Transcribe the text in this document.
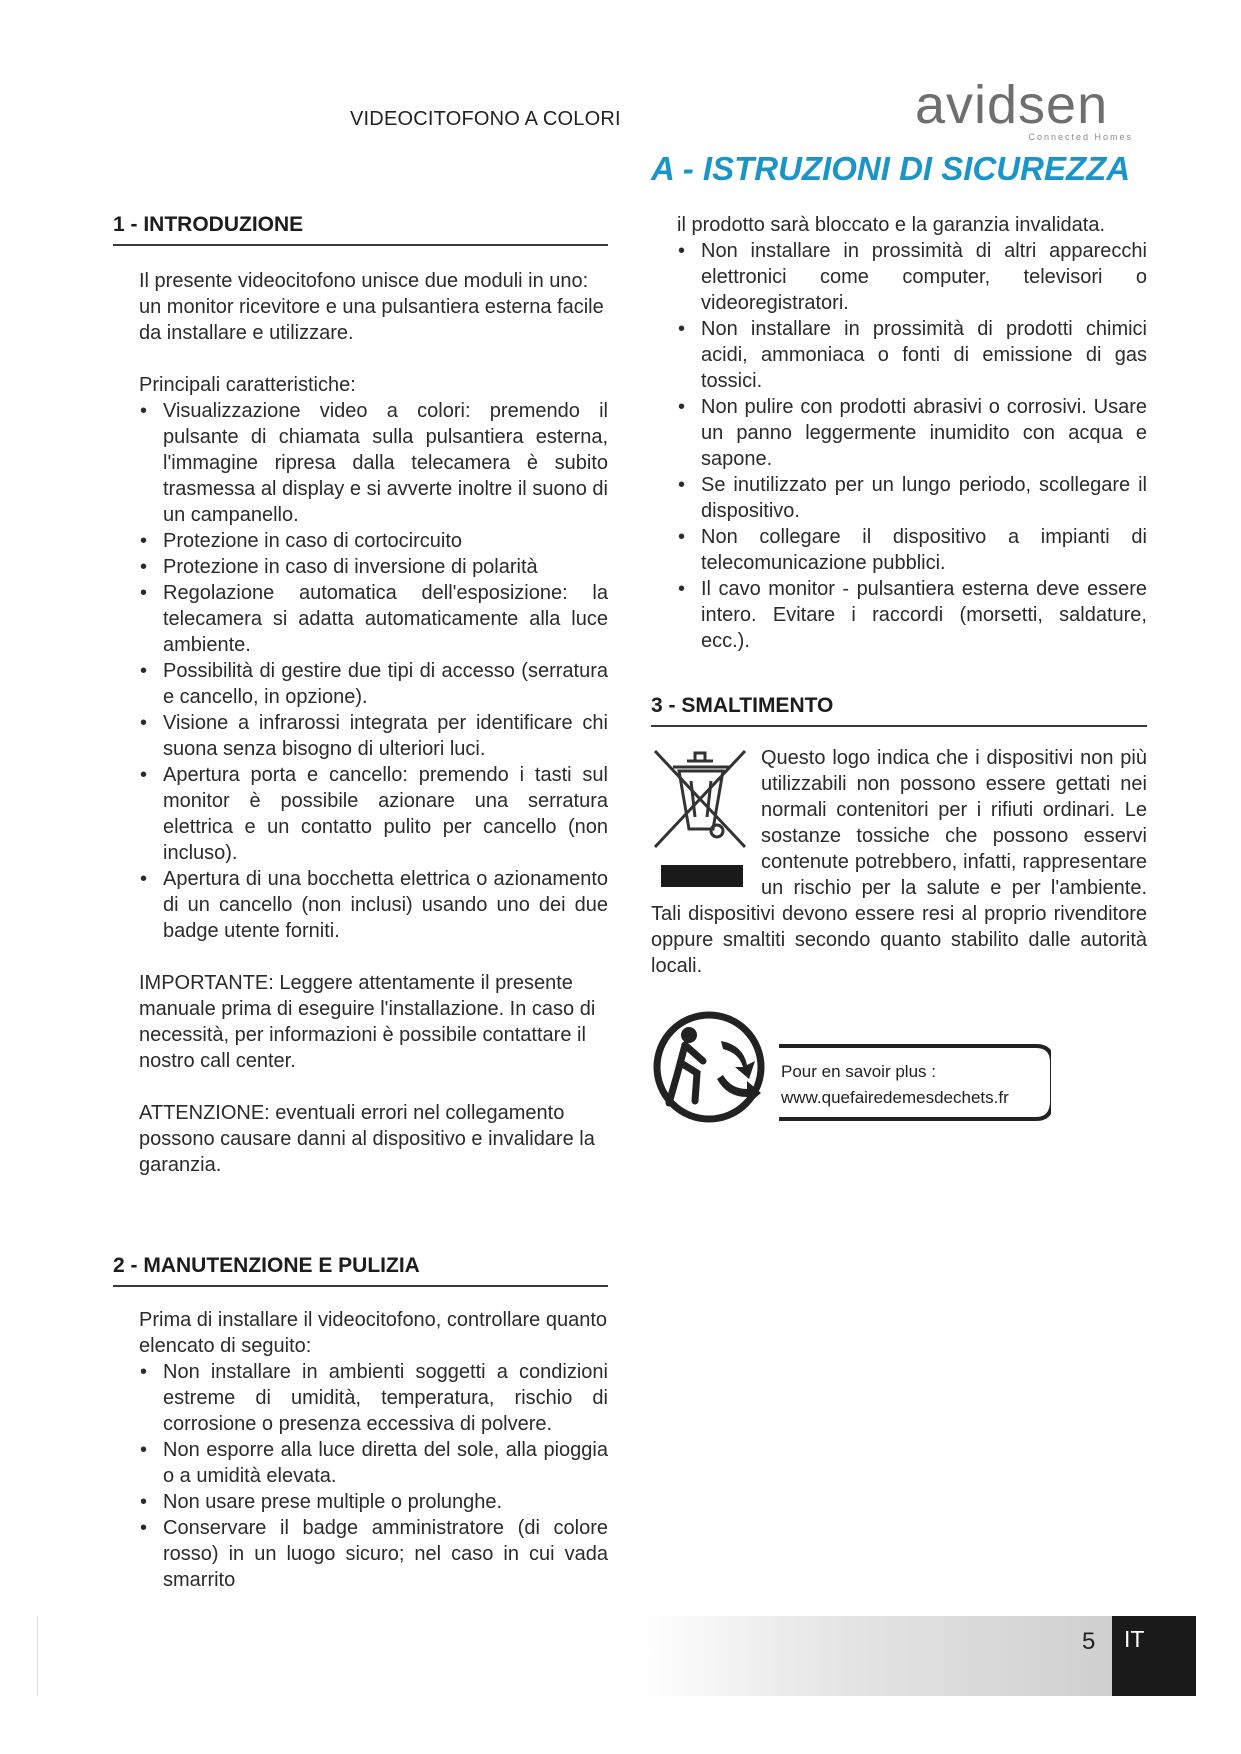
VIDEOCITOFONO A COLORI	avidsen
Connected Homes
A - ISTRUZIONI DI SICUREZZA
1 - INTRODUZIONE

Il presente videocitofono unisce due moduli in uno: un monitor ricevitore e una pulsantiera esterna facile da installare e utilizzare.

Principali caratteristiche:

• Visualizzazione video a colori: premendo il pulsante di chiamata sulla pulsantiera esterna, l'immagine ripresa dalla telecamera è subito trasmessa al display e si avverte inoltre il suono di un campanello.
• Protezione in caso di cortocircuito
• Protezione in caso di inversione di polarità
• Regolazione automatica dell'esposizione: la telecamera si adatta automaticamente alla luce ambiente.
• Possibilità di gestire due tipi di accesso (serratura e cancello, in opzione).
• Visione a infrarossi integrata per identificare chi suona senza bisogno di ulteriori luci.
• Apertura porta e cancello: premendo i tasti sul monitor è possibile azionare una serratura elettrica e un contatto pulito per cancello (non incluso).
• Apertura di una bocchetta elettrica o azionamento di un cancello (non inclusi) usando uno dei due badge utente forniti.

IMPORTANTE: Leggere attentamente il presente manuale prima di eseguire l'installazione. In caso di necessità, per informazioni è possibile contattare il nostro call center.

ATTENZIONE: eventuali errori nel collegamento possono causare danni al dispositivo e invalidare la garanzia.

2 - MANUTENZIONE E PULIZIA

Prima di installare il videocitofono, controllare quanto elencato di seguito:

• Non installare in ambienti soggetti a condizioni estreme di umidità, temperatura, rischio di corrosione o presenza eccessiva di polvere.
• Non esporre alla luce diretta del sole, alla pioggia o a umidità elevata.
• Non usare prese multiple o prolunghe.
• Conservare il badge amministratore (di colore rosso) in un luogo sicuro; nel caso in cui vada smarrito

il prodotto sarà bloccato e la garanzia invalidata.

• Non installare in prossimità di altri apparecchi elettronici come computer, televisori o videoregistratori.
• Non installare in prossimità di prodotti chimici acidi, ammoniaca o fonti di emissione di gas tossici.
• Non pulire con prodotti abrasivi o corrosivi. Usare un panno leggermente inumidito con acqua e sapone.
• Se inutilizzato per un lungo periodo, scollegare il dispositivo.
• Non collegare il dispositivo a impianti di telecomunicazione pubblici.
• Il cavo monitor - pulsantiera esterna deve essere intero. Evitare i raccordi (morsetti, saldature, ecc.).
3 - SMALTIMENTO

Questo logo indica che i dispositivi non più utilizzabili non possono essere gettati nei normali contenitori per i rifiuti ordinari. Le sostanze tossiche che possono esservi contenute potrebbero, infatti, rappresentare un rischio per la salute e per l'ambiente. Tali dispositivi devono essere resi al proprio rivenditore oppure smaltiti secondo quanto stabilito dalle autorità locali.

Pour en savoir plus :
www.quefairedemesdechets.fr
5 IT
